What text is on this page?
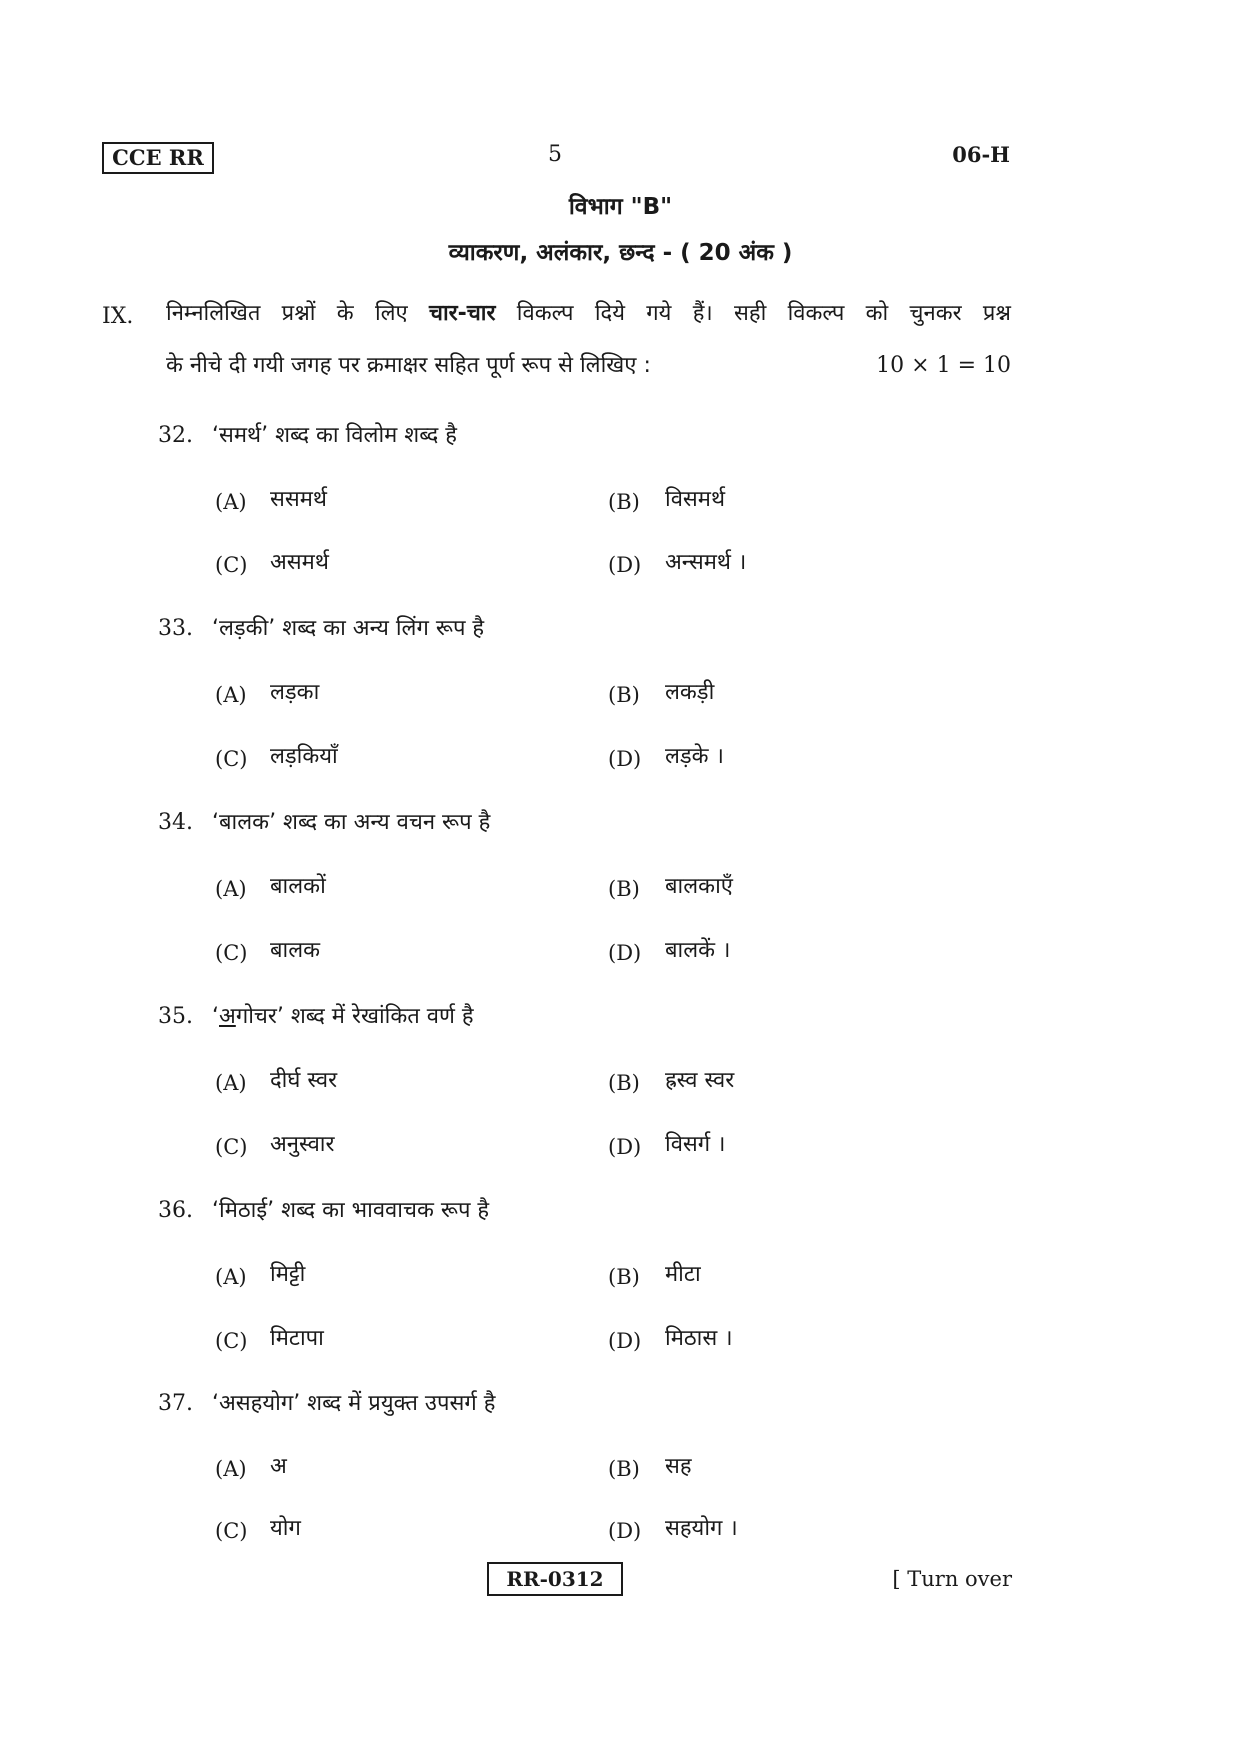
CCE RR	5	06-H
विभाग "B"
व्याकरण, अलंकार, छन्द - ( 20 अंक )
IX. निम्नलिखित प्रश्नों के लिए चार-चार विकल्प दिये गये हैं। सही विकल्प को चुनकर प्रश्न
के नीचे दी गयी जगह पर क्रमाक्षर सहित पूर्ण रूप से लिखिए :	10 × 1 = 10
32. ‘समर्थ’ शब्द का विलोम शब्द है
(A)	ससमर्थ	(B)	विसमर्थ
(C)	असमर्थ	(D)	अन्समर्थ ।
33. ‘लड़की’ शब्द का अन्य लिंग रूप है
(A)	लड़का	(B)	लकड़ी
(C)	लड़कियाँ	(D)	लड़के ।
34. ‘बालक’ शब्द का अन्य वचन रूप है
(A)	बालकों	(B)	बालकाएँ
(C)	बालक	(D)	बालकें ।
35. ‘अगोचर’ शब्द में रेखांकित वर्ण है
(A)	दीर्घ स्वर	(B)	ह्रस्व स्वर
(C)	अनुस्वार	(D)	विसर्ग ।
36. ‘मिठाई’ शब्द का भाववाचक रूप है
(A)	मिट्टी	(B)	मीटा
(C)	मिटापा	(D)	मिठास ।
37. ‘असहयोग’ शब्द में प्रयुक्त उपसर्ग है
(A)	अ	(B)	सह
(C)	योग	(D)	सहयोग ।
RR-0312	[ Turn over
